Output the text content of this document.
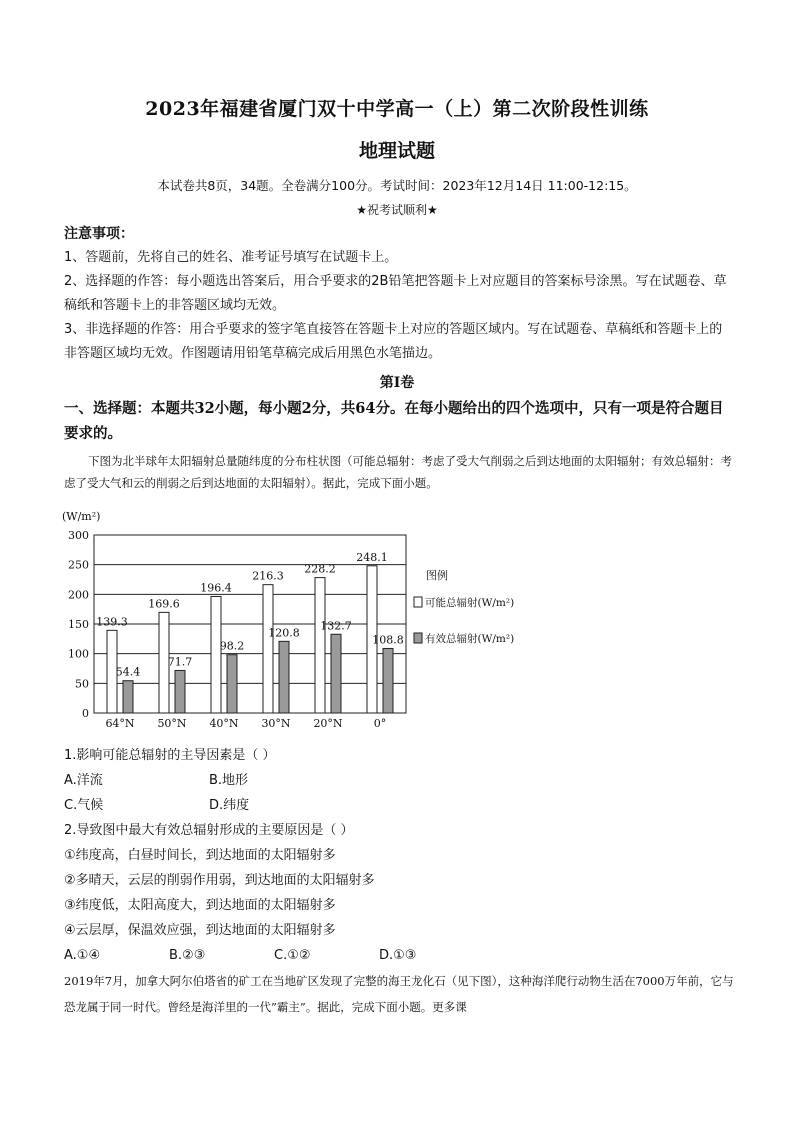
2023年福建省厦门双十中学高一（上）第二次阶段性训练
地理试题
本试卷共8页，34题。全卷满分100分。考试时间：2023年12月14日 11:00-12:15。
★祝考试顺利★
注意事项：
1、答题前，先将自己的姓名、准考证号填写在试题卡上。
2、选择题的作答：每小题选出答案后，用合乎要求的2B铅笔把答题卡上对应题目的答案标号涂黑。写在试题卷、草稿纸和答题卡上的非答题区域均无效。
3、非选择题的作答：用合乎要求的签字笔直接答在答题卡上对应的答题区域内。写在试题卷、草稿纸和答题卡上的非答题区域均无效。作图题请用铅笔草稿完成后用黑色水笔描边。
第Ⅰ卷
一、选择题：本题共32小题，每小题2分，共64分。在每小题给出的四个选项中，只有一项是符合题目要求的。
下图为北半球年太阳辐射总量随纬度的分布柱状图（可能总辐射：考虑了受大气削弱之后到达地面的太阳辐射；有效总辐射：考虑了受大气和云的削弱之后到达地面的太阳辐射）。据此，完成下面小题。
(W/m²)
0
50
100
150
200
250
300
139.3
54.4
64°N
169.6
71.7
50°N
196.4
98.2
40°N
216.3
120.8
30°N
228.2
132.7
20°N
248.1
108.8
0°
图例
可能总辐射(W/m²)
有效总辐射(W/m²)
1.影响可能总辐射的主导因素是（ ）
A.洋流	B.地形
C.气候	D.纬度
2.导致图中最大有效总辐射形成的主要原因是（ ）
①纬度高，白昼时间长，到达地面的太阳辐射多
②多晴天，云层的削弱作用弱，到达地面的太阳辐射多
③纬度低，太阳高度大，到达地面的太阳辐射多
④云层厚，保温效应强，到达地面的太阳辐射多
A.①④	B.②③	C.①②	D.①③
2019年7月，加拿大阿尔伯塔省的矿工在当地矿区发现了完整的海王龙化石（见下图），这种海洋爬行动物生活在7000万年前，它与恐龙属于同一时代。曾经是海洋里的一代”霸主”。据此，完成下面小题。更多课
